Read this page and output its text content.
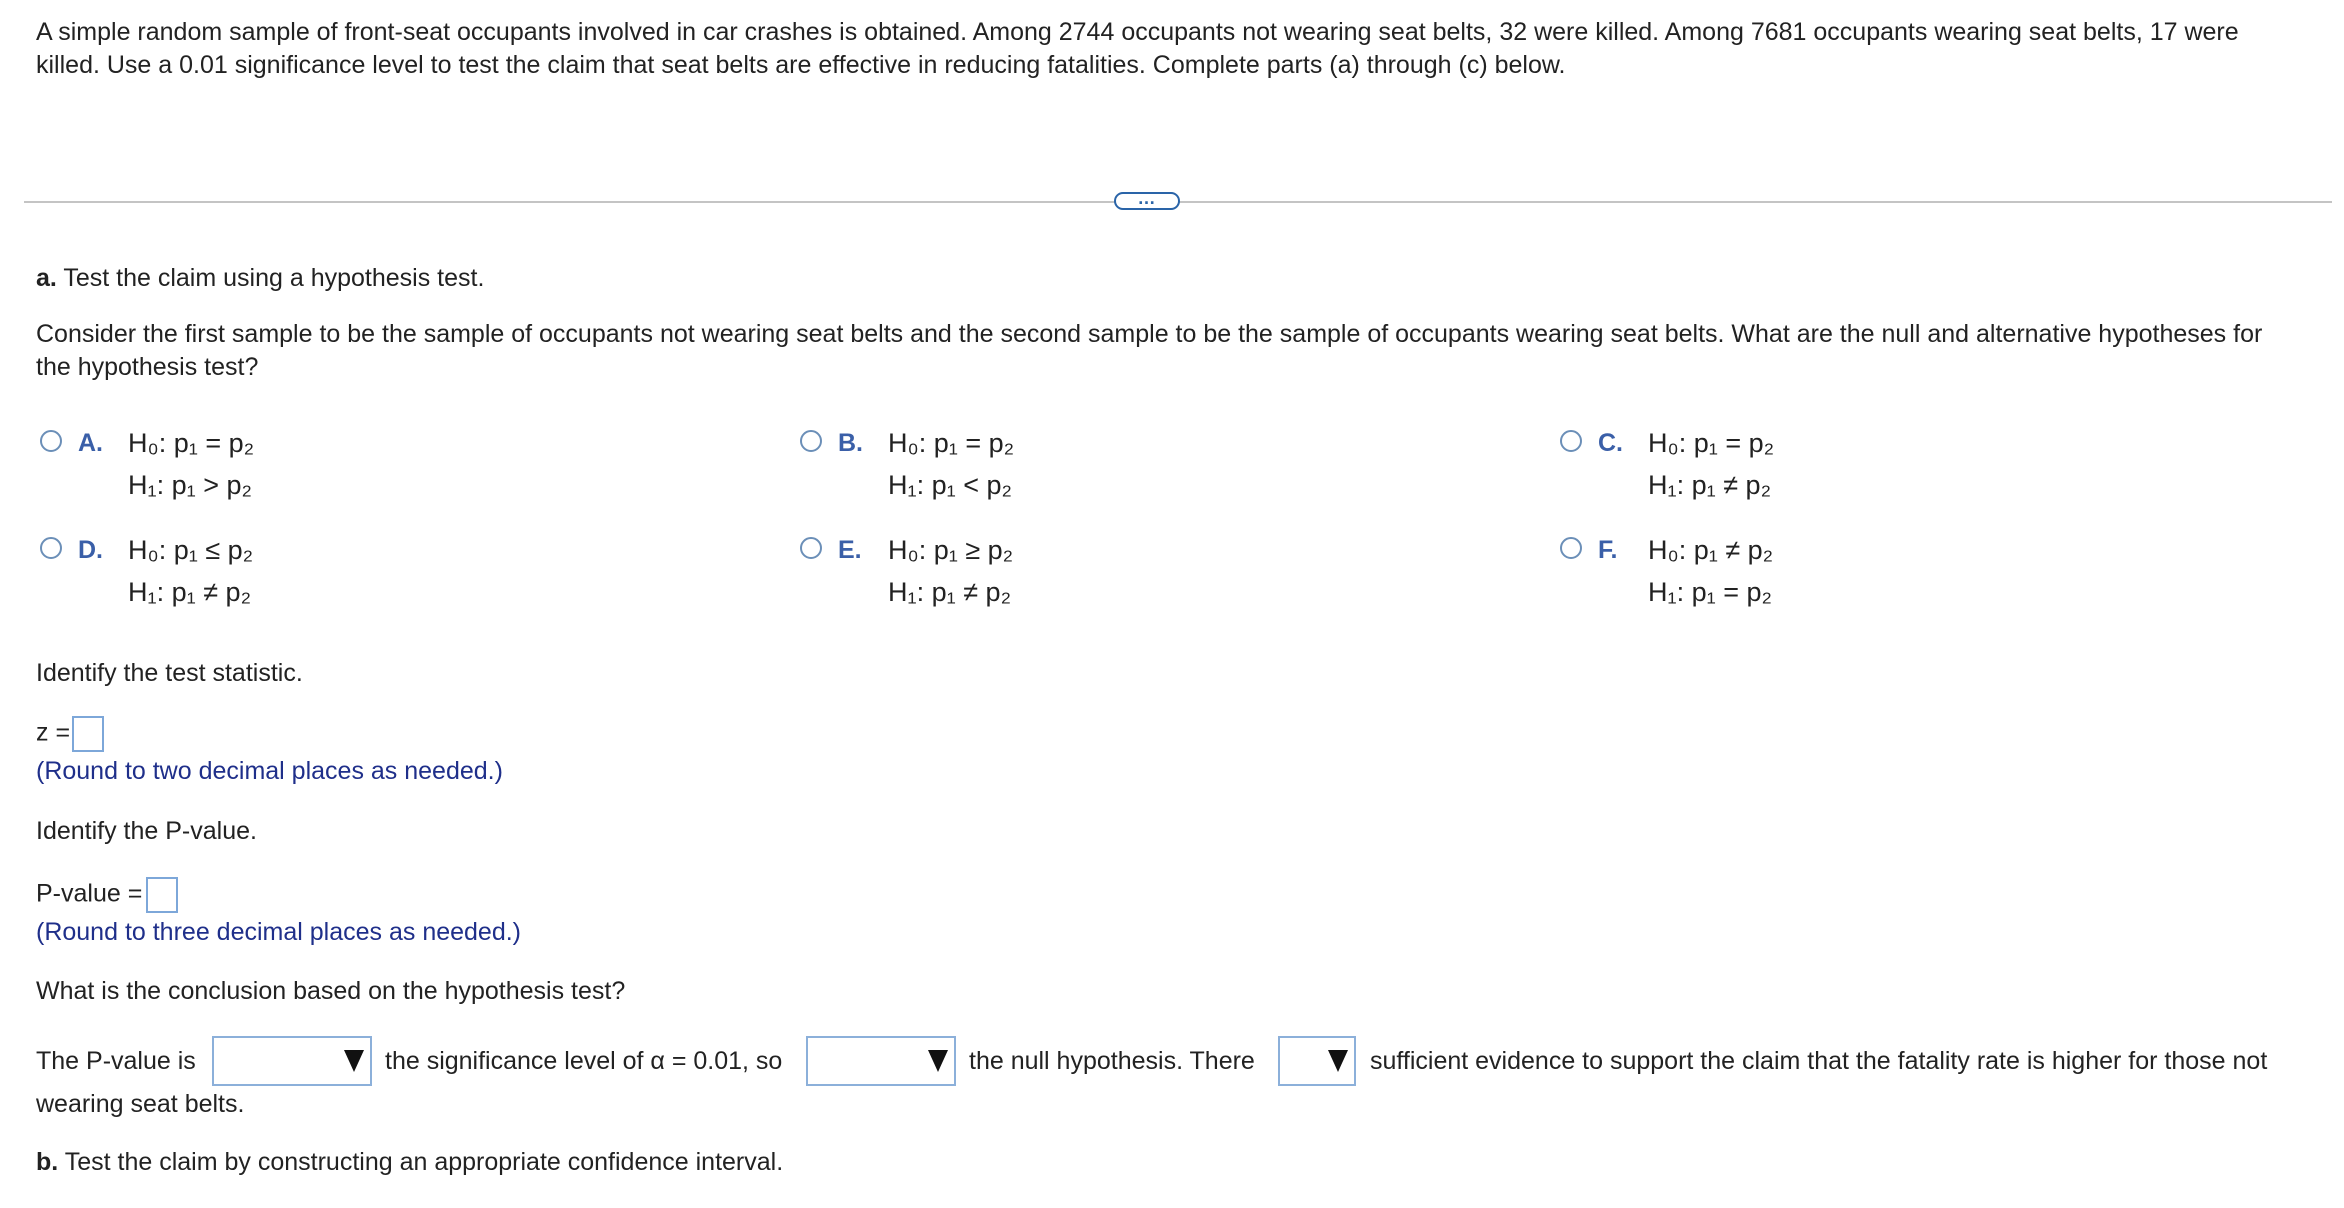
A simple random sample of front-seat occupants involved in car crashes is obtained. Among 2744 occupants not wearing seat belts, 32 were killed. Among 7681 occupants wearing seat belts, 17 were killed. Use a 0.01 significance level to test the claim that seat belts are effective in reducing fatalities. Complete parts (a) through (c) below.
…
a. Test the claim using a hypothesis test.
Consider the first sample to be the sample of occupants not wearing seat belts and the second sample to be the sample of occupants wearing seat belts. What are the null and alternative hypotheses for the hypothesis test?
A. H₀: p₁ = p₂
H₁: p₁ > p₂
B. H₀: p₁ = p₂
H₁: p₁ < p₂
C. H₀: p₁ = p₂
H₁: p₁ ≠ p₂
D. H₀: p₁ ≤ p₂
H₁: p₁ ≠ p₂
E. H₀: p₁ ≥ p₂
H₁: p₁ ≠ p₂
F. H₀: p₁ ≠ p₂
H₁: p₁ = p₂
Identify the test statistic.
z =
(Round to two decimal places as needed.)
Identify the P-value.
P-value =
(Round to three decimal places as needed.)
What is the conclusion based on the hypothesis test?
The P-value is	the significance level of α = 0.01, so	the null hypothesis. There	sufficient evidence to support the claim that the fatality rate is higher for those not
wearing seat belts.
b. Test the claim by constructing an appropriate confidence interval.
